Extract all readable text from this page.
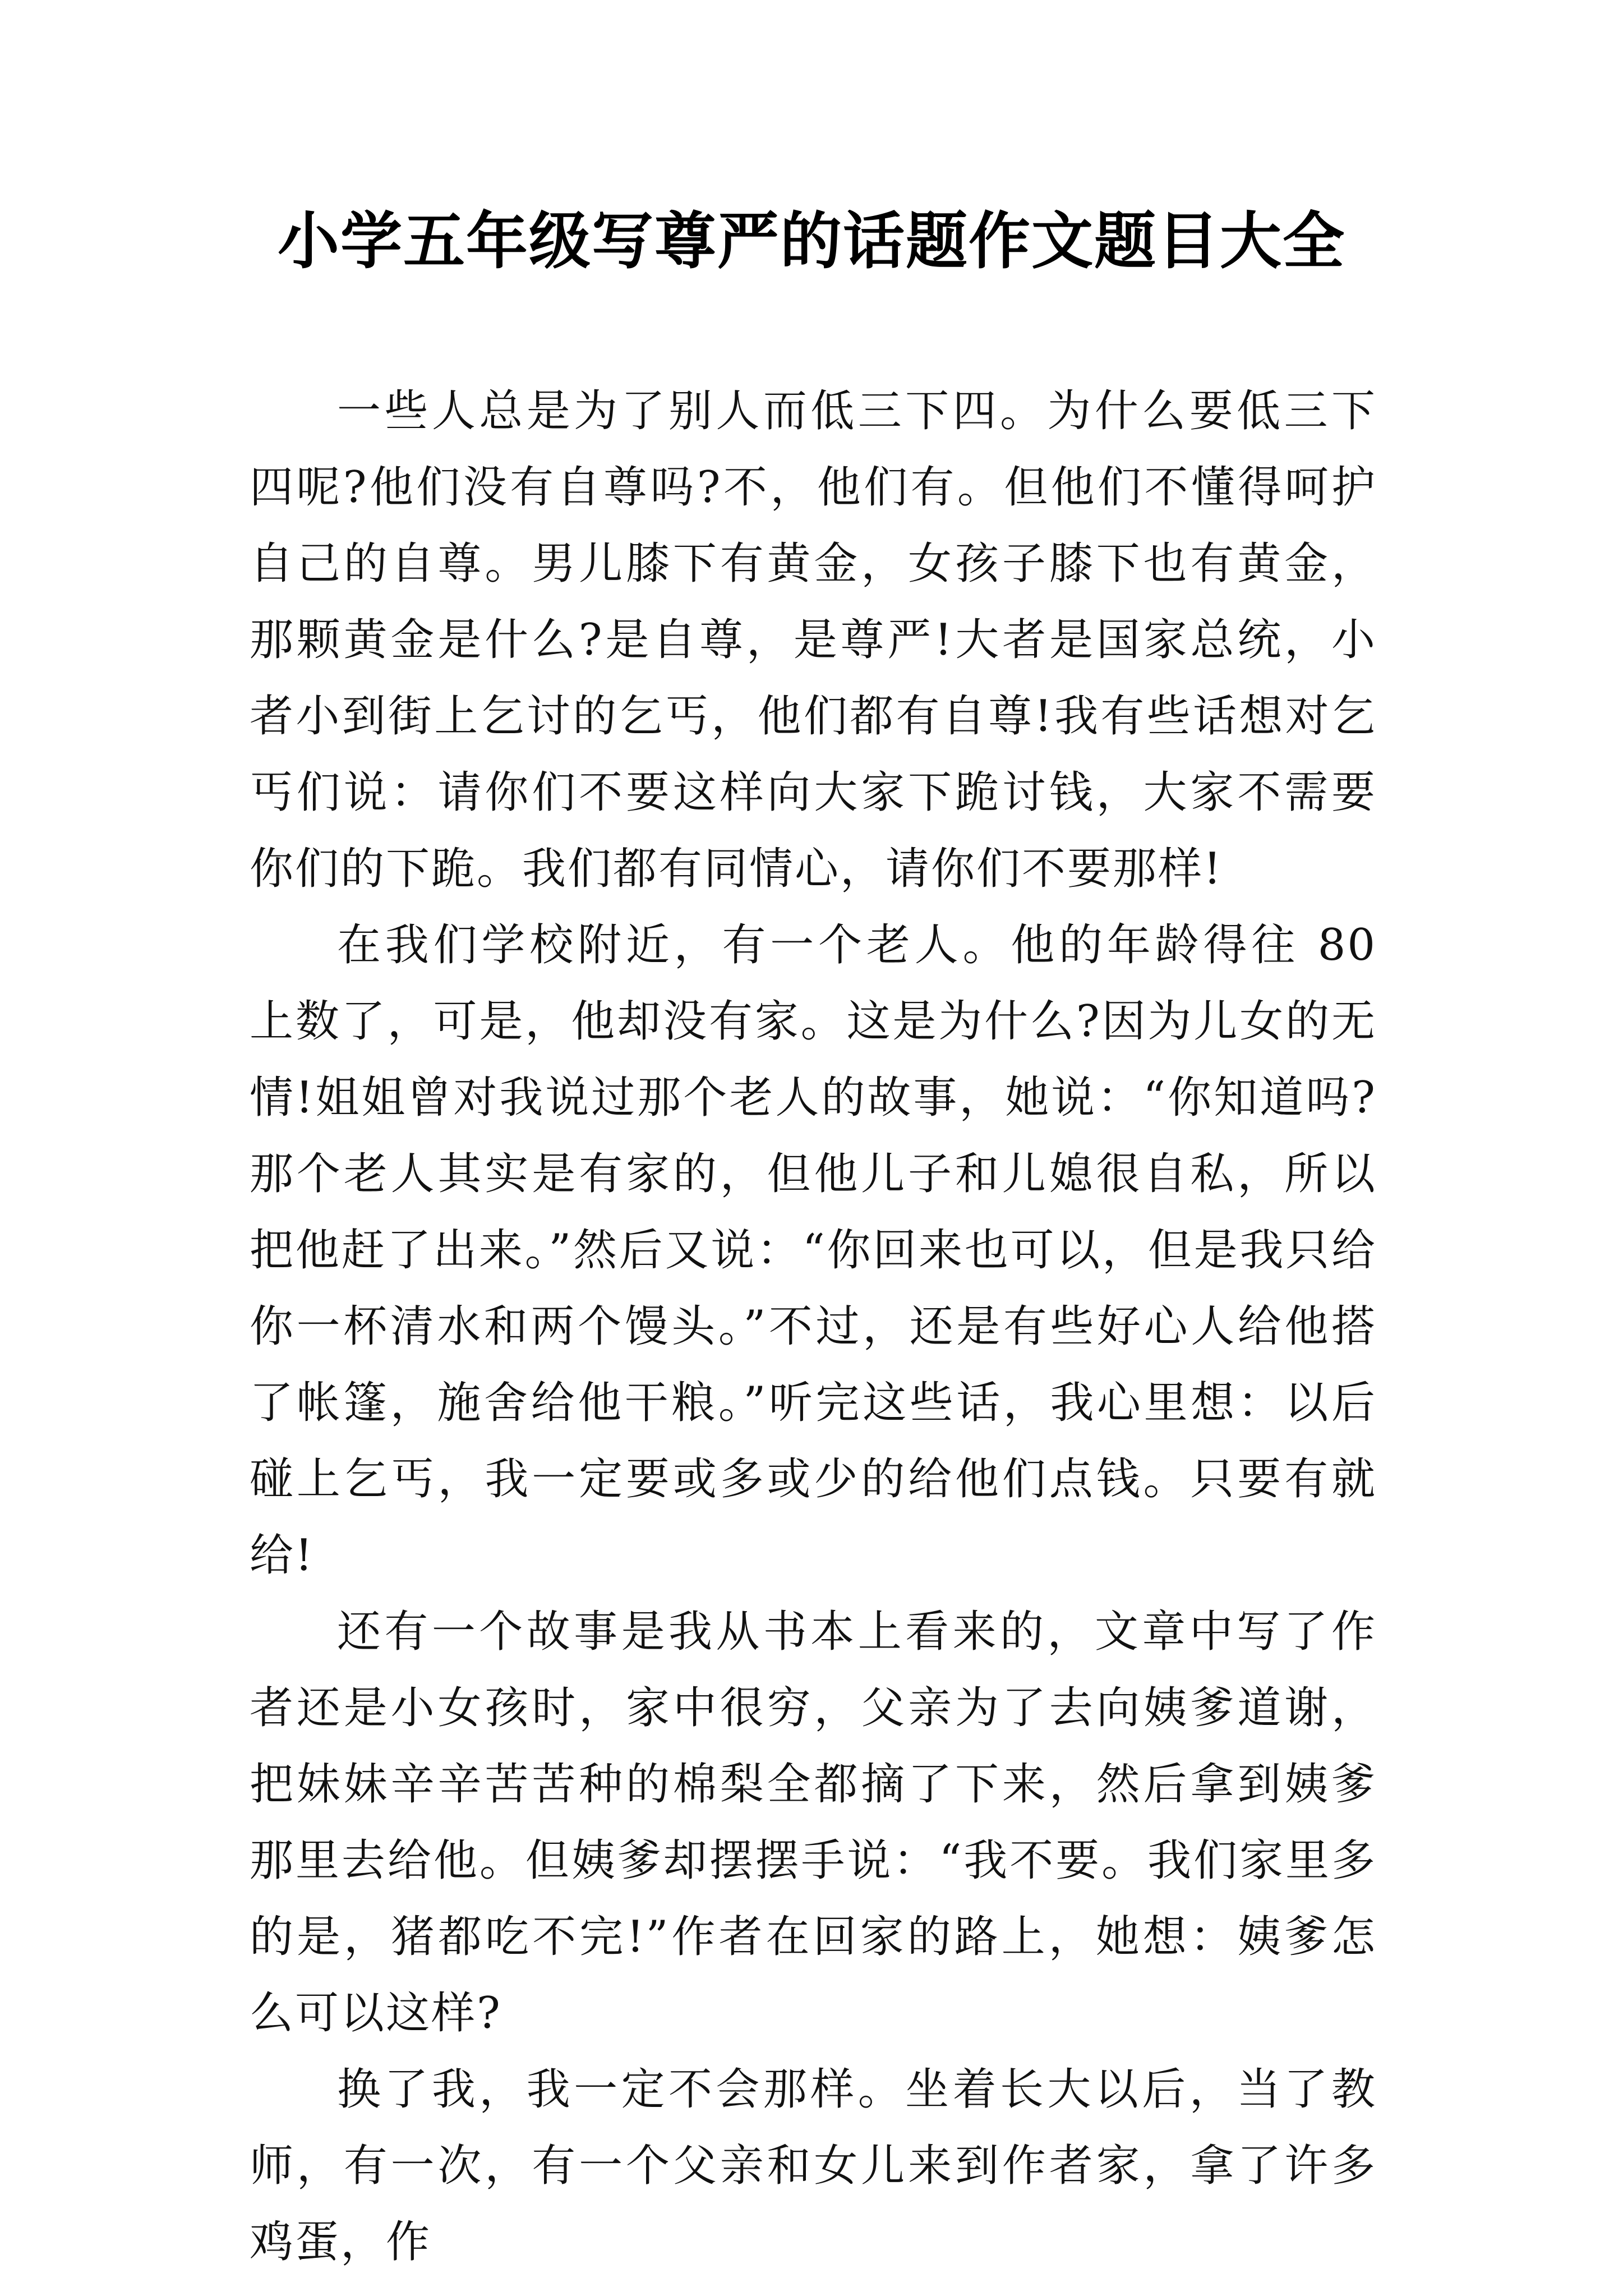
小学五年级写尊严的话题作文题目大全

一些人总是为了别人而低三下四。为什么要低三下四呢?他们没有自尊吗?不，他们有。但他们不懂得呵护自己的自尊。男儿膝下有黄金，女孩子膝下也有黄金，那颗黄金是什么?是自尊，是尊严!大者是国家总统，小者小到街上乞讨的乞丐，他们都有自尊!我有些话想对乞丐们说：请你们不要这样向大家下跪讨钱，大家不需要你们的下跪。我们都有同情心，请你们不要那样!

在我们学校附近，有一个老人。他的年龄得往 80 上数了，可是，他却没有家。这是为什么?因为儿女的无情!姐姐曾对我说过那个老人的故事，她说：“你知道吗?那个老人其实是有家的，但他儿子和儿媳很自私，所以把他赶了出来。”然后又说：“你回来也可以，但是我只给你一杯清水和两个馒头。”不过，还是有些好心人给他搭了帐篷，施舍给他干粮。”听完这些话，我心里想：以后碰上乞丐，我一定要或多或少的给他们点钱。只要有就给!

还有一个故事是我从书本上看来的，文章中写了作者还是小女孩时，家中很穷，父亲为了去向姨爹道谢，把妹妹辛辛苦苦种的棉梨全都摘了下来，然后拿到姨爹那里去给他。但姨爹却摆摆手说：“我不要。我们家里多的是，猪都吃不完!”作者在回家的路上，她想：姨爹怎么可以这样?

换了我，我一定不会那样。坐着长大以后，当了教师，有一次，有一个父亲和女儿来到作者家，拿了许多鸡蛋，作
